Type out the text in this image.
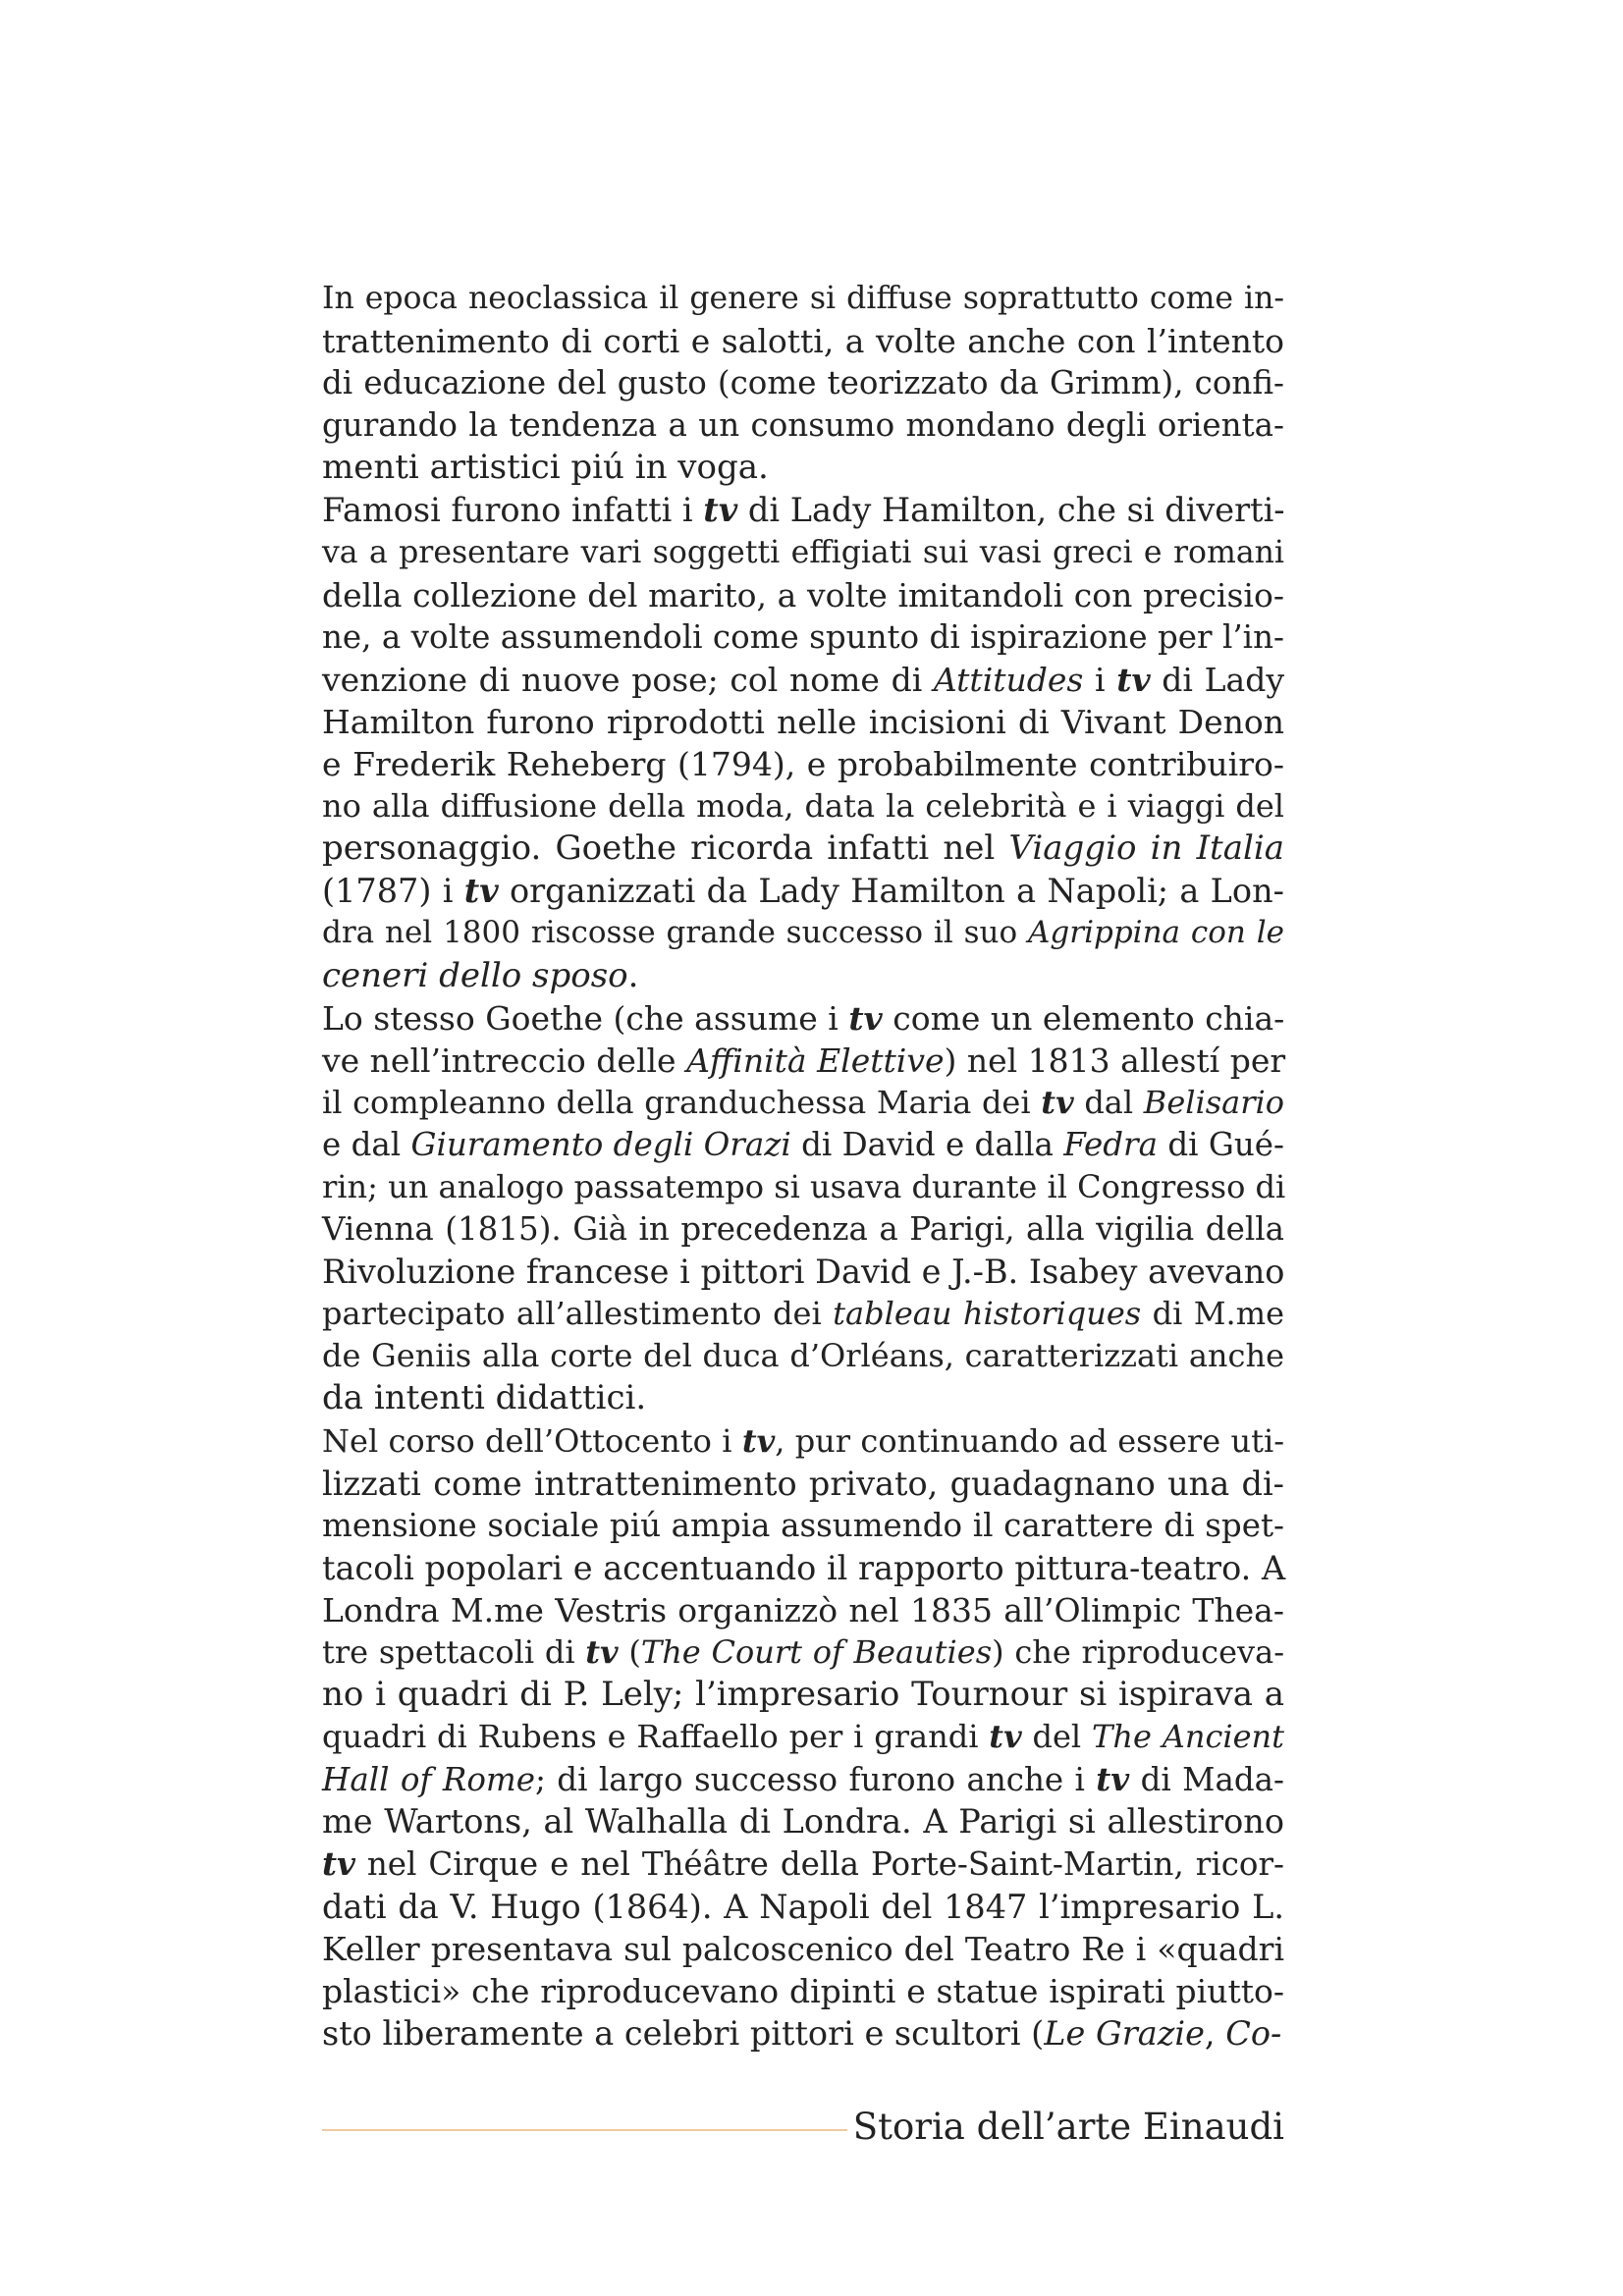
In epoca neoclassica il genere si diffuse soprattutto come in-
trattenimento di corti e salotti, a volte anche con l’intento
di educazione del gusto (come teorizzato da Grimm), confi-
gurando la tendenza a un consumo mondano degli orienta-
menti artistici piú in voga.
Famosi furono infatti i tv di Lady Hamilton, che si diverti-
va a presentare vari soggetti effigiati sui vasi greci e romani
della collezione del marito, a volte imitandoli con precisio-
ne, a volte assumendoli come spunto di ispirazione per l’in-
venzione di nuove pose; col nome di Attitudes i tv di Lady
Hamilton furono riprodotti nelle incisioni di Vivant Denon
e Frederik Reheberg (1794), e probabilmente contribuiro-
no alla diffusione della moda, data la celebrità e i viaggi del
personaggio. Goethe ricorda infatti nel Viaggio in Italia
(1787) i tv organizzati da Lady Hamilton a Napoli; a Lon-
dra nel 1800 riscosse grande successo il suo Agrippina con le
ceneri dello sposo.
Lo stesso Goethe (che assume i tv come un elemento chia-
ve nell’intreccio delle Affinità Elettive) nel 1813 allestí per
il compleanno della granduchessa Maria dei tv dal Belisario
e dal Giuramento degli Orazi di David e dalla Fedra di Gué-
rin; un analogo passatempo si usava durante il Congresso di
Vienna (1815). Già in precedenza a Parigi, alla vigilia della
Rivoluzione francese i pittori David e J.-B. Isabey avevano
partecipato all’allestimento dei tableau historiques di M.me
de Geniis alla corte del duca d’Orléans, caratterizzati anche
da intenti didattici.
Nel corso dell’Ottocento i tv, pur continuando ad essere uti-
lizzati come intrattenimento privato, guadagnano una di-
mensione sociale piú ampia assumendo il carattere di spet-
tacoli popolari e accentuando il rapporto pittura-teatro. A
Londra M.me Vestris organizzò nel 1835 all’Olimpic Thea-
tre spettacoli di tv (The Court of Beauties) che riproduceva-
no i quadri di P. Lely; l’impresario Tournour si ispirava a
quadri di Rubens e Raffaello per i grandi tv del The Ancient
Hall of Rome; di largo successo furono anche i tv di Mada-
me Wartons, al Walhalla di Londra. A Parigi si allestirono
tv nel Cirque e nel Théâtre della Porte-Saint-Martin, ricor-
dati da V. Hugo (1864). A Napoli del 1847 l’impresario L.
Keller presentava sul palcoscenico del Teatro Re i «quadri
plastici» che riproducevano dipinti e statue ispirati piutto-
sto liberamente a celebri pittori e scultori (Le Grazie, Co-
Storia dell’arte Einaudi
